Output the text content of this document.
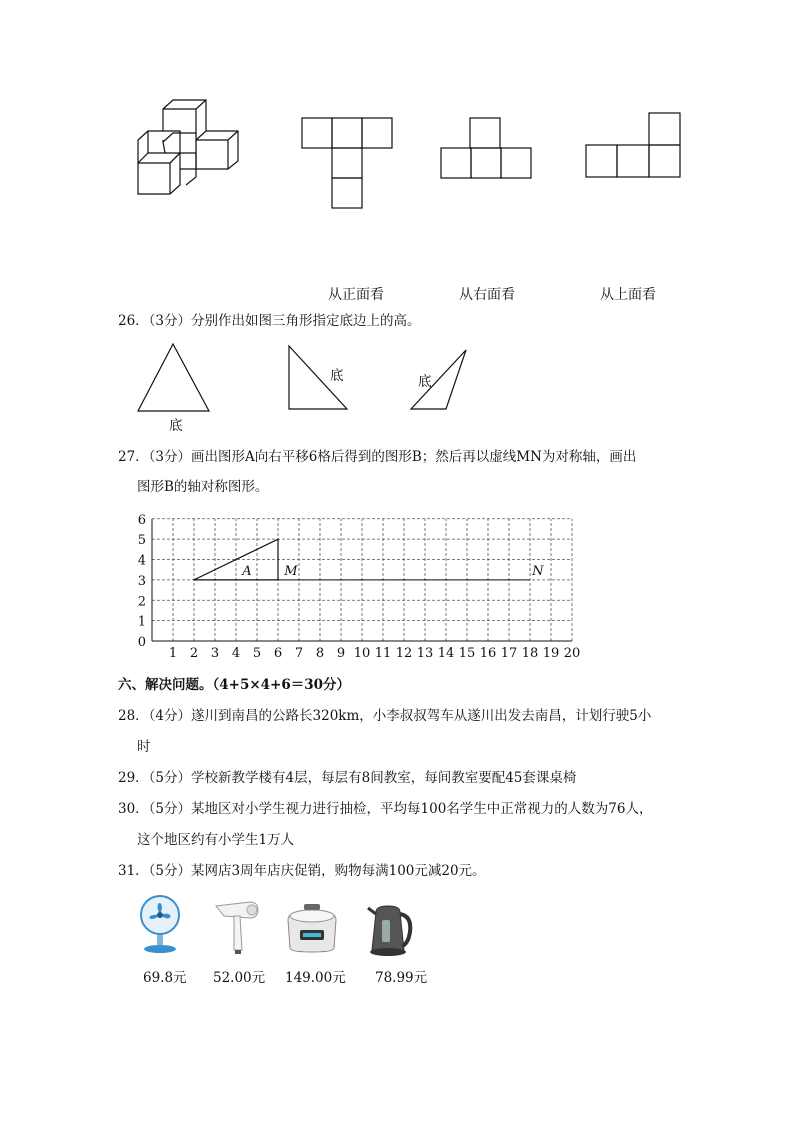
从正面看	从右面看	从上面看
26．（3分）分别作出如图三角形指定底边上的高。
底
底	底
27．（3分）画出图形A向右平移6格后得到的图形B；然后再以虚线MN为对称轴，画出
图形B的轴对称图形。
1 2 3 4 5 6 7 8 9 10 11 12 13 14 15 16 17 18 19 20
0
1
2
3
4
5
6
A	M	N
六、解决问题。（4+5×4+6＝30分）
28．（4分）遂川到南昌的公路长320km，小李叔叔驾车从遂川出发去南昌，计划行驶5小
时
29．（5分）学校新教学楼有4层，每层有8间教室，每间教室要配45套课桌椅
30．（5分）某地区对小学生视力进行抽检，平均每100名学生中正常视力的人数为76人，
这个地区约有小学生1万人
31．（5分）某网店3周年店庆促销，购物每满100元减20元。
69.8元 52.00元 149.00元 78.99元
